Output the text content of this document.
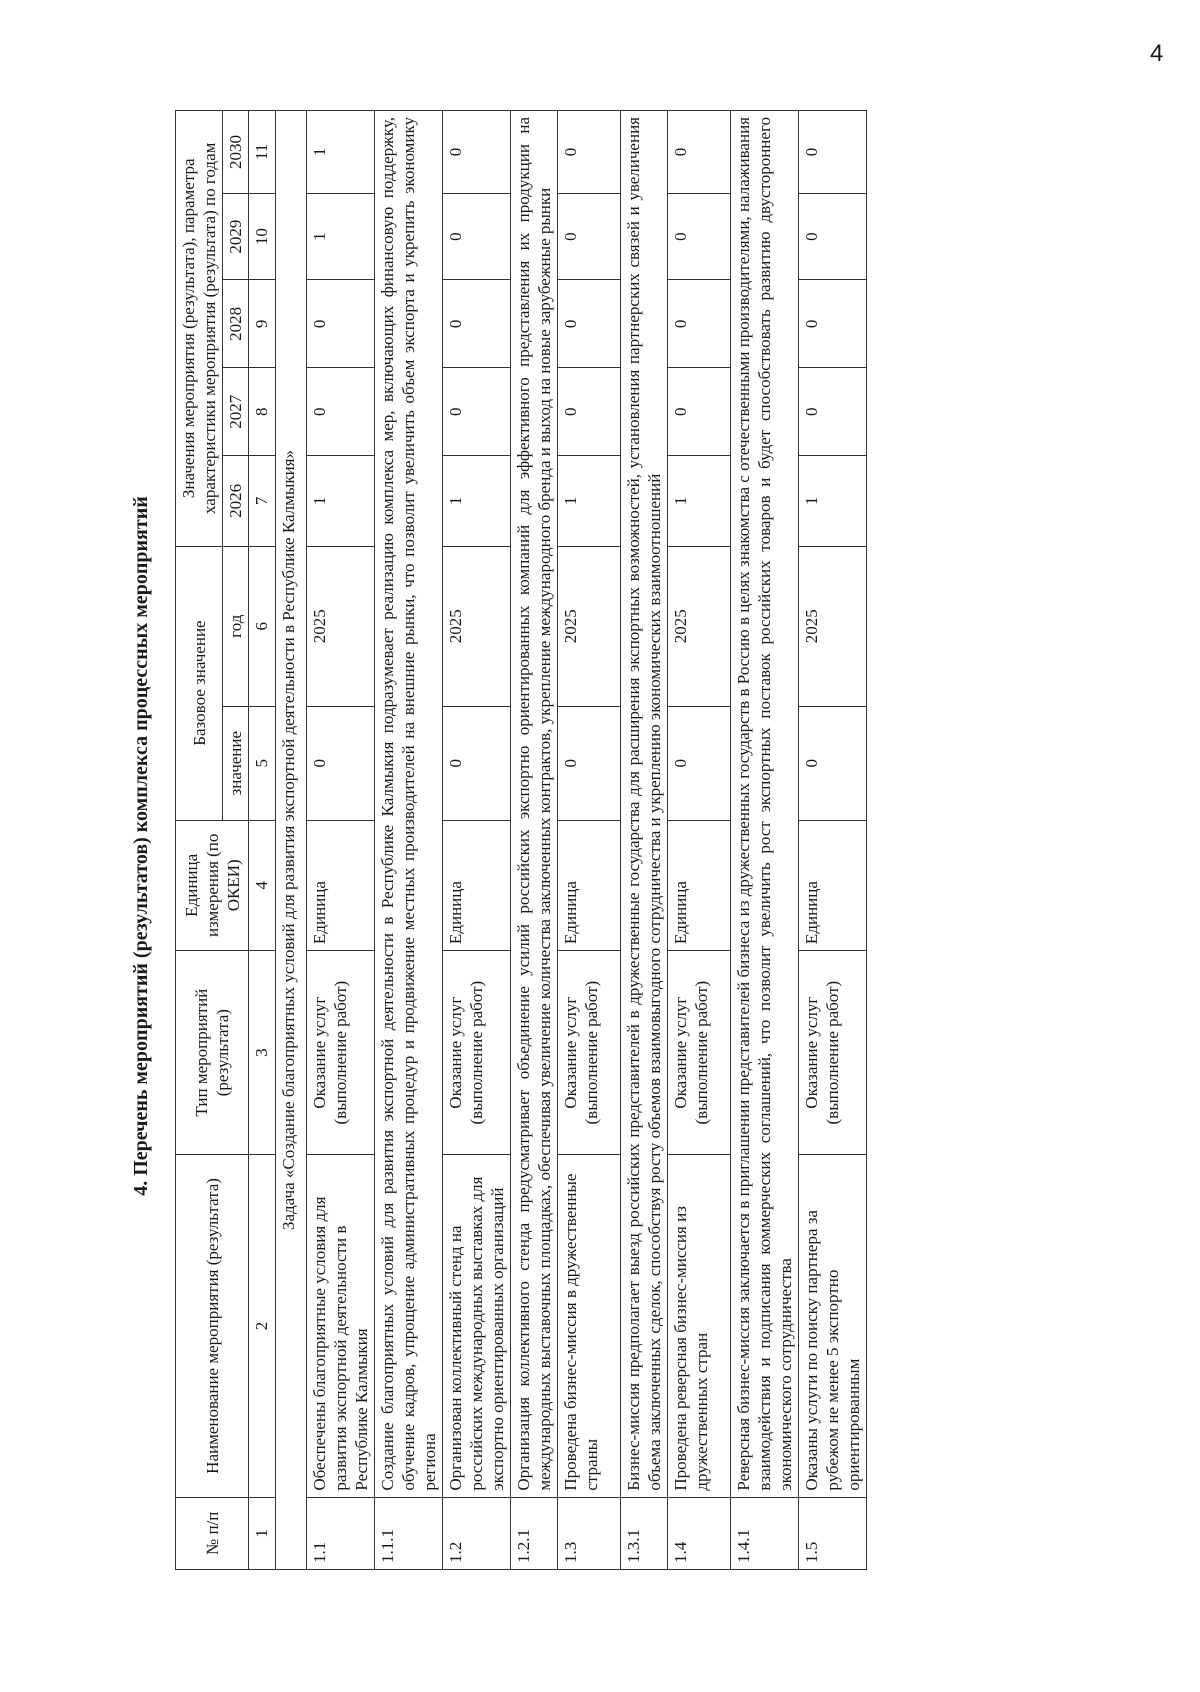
4. Перечень мероприятий (результатов) комплекса процессных мероприятий
№ п/п	Наименование мероприятия (результата)	Тип мероприятий (результата)	Единица измерения (по ОКЕИ)	Базовое значение		Значения мероприятия (результата), параметра характеристики мероприятия (результата) по годам				
				значение	год	2026	2027	2028	2029	2030
1	2	3	4	5	6	7	8	9	10	11
Задача «Создание благоприятных условий для развития экспортной деятельности в Республике Калмыкия»										
1.1	Обеспечены благоприятные условия для развития экспортной деятельности в Республике Калмыкия	Оказание услуг (выполнение работ)	Единица	0	2025	1	0	0	1	1
1.1.1	Создание благоприятных условий для развития экспортной деятельности в Республике Калмыкия подразумевает реализацию комплекса мер, включающих финансовую поддержку, обучение кадров, упрощение административных процедур и продвижение местных производителей на внешние рынки, что позволит увеличить объем экспорта и укрепить экономику региона									
1.2	Организован коллективный стенд на российских международных выставках для экспортно ориентированных организаций	Оказание услуг (выполнение работ)	Единица	0	2025	1	0	0	0	0
1.2.1	Организация коллективного стенда предусматривает объединение усилий российских экспортно ориентированных компаний для эффективного представления их продукции на международных выставочных площадках, обеспечивая увеличение количества заключенных контрактов, укрепление международного бренда и выход на новые зарубежные рынки									
1.3	Проведена бизнес-миссия в дружественные страны	Оказание услуг (выполнение работ)	Единица	0	2025	1	0	0	0	0
1.3.1	Бизнес-миссия предполагает выезд российских представителей в дружественные государства для расширения экспортных возможностей, установления партнерских связей и увеличения объема заключенных сделок, способствуя росту объемов взаимовыгодного сотрудничества и укреплению экономических взаимоотношений									
1.4	Проведена реверсная бизнес-миссия из дружественных стран	Оказание услуг (выполнение работ)	Единица	0	2025	1	0	0	0	0
1.4.1	Реверсная бизнес-миссия заключается в приглашении представителей бизнеса из дружественных государств в Россию в целях знакомства с отечественными производителями, налаживания взаимодействия и подписания коммерческих соглашений, что позволит увеличить рост экспортных поставок российских товаров и будет способствовать развитию двустороннего экономического сотрудничества									
1.5	Оказаны услуги по поиску партнера за рубежом не менее 5 экспортно ориентированным	Оказание услуг (выполнение работ)	Единица	0	2025	1	0	0	0	0
4
